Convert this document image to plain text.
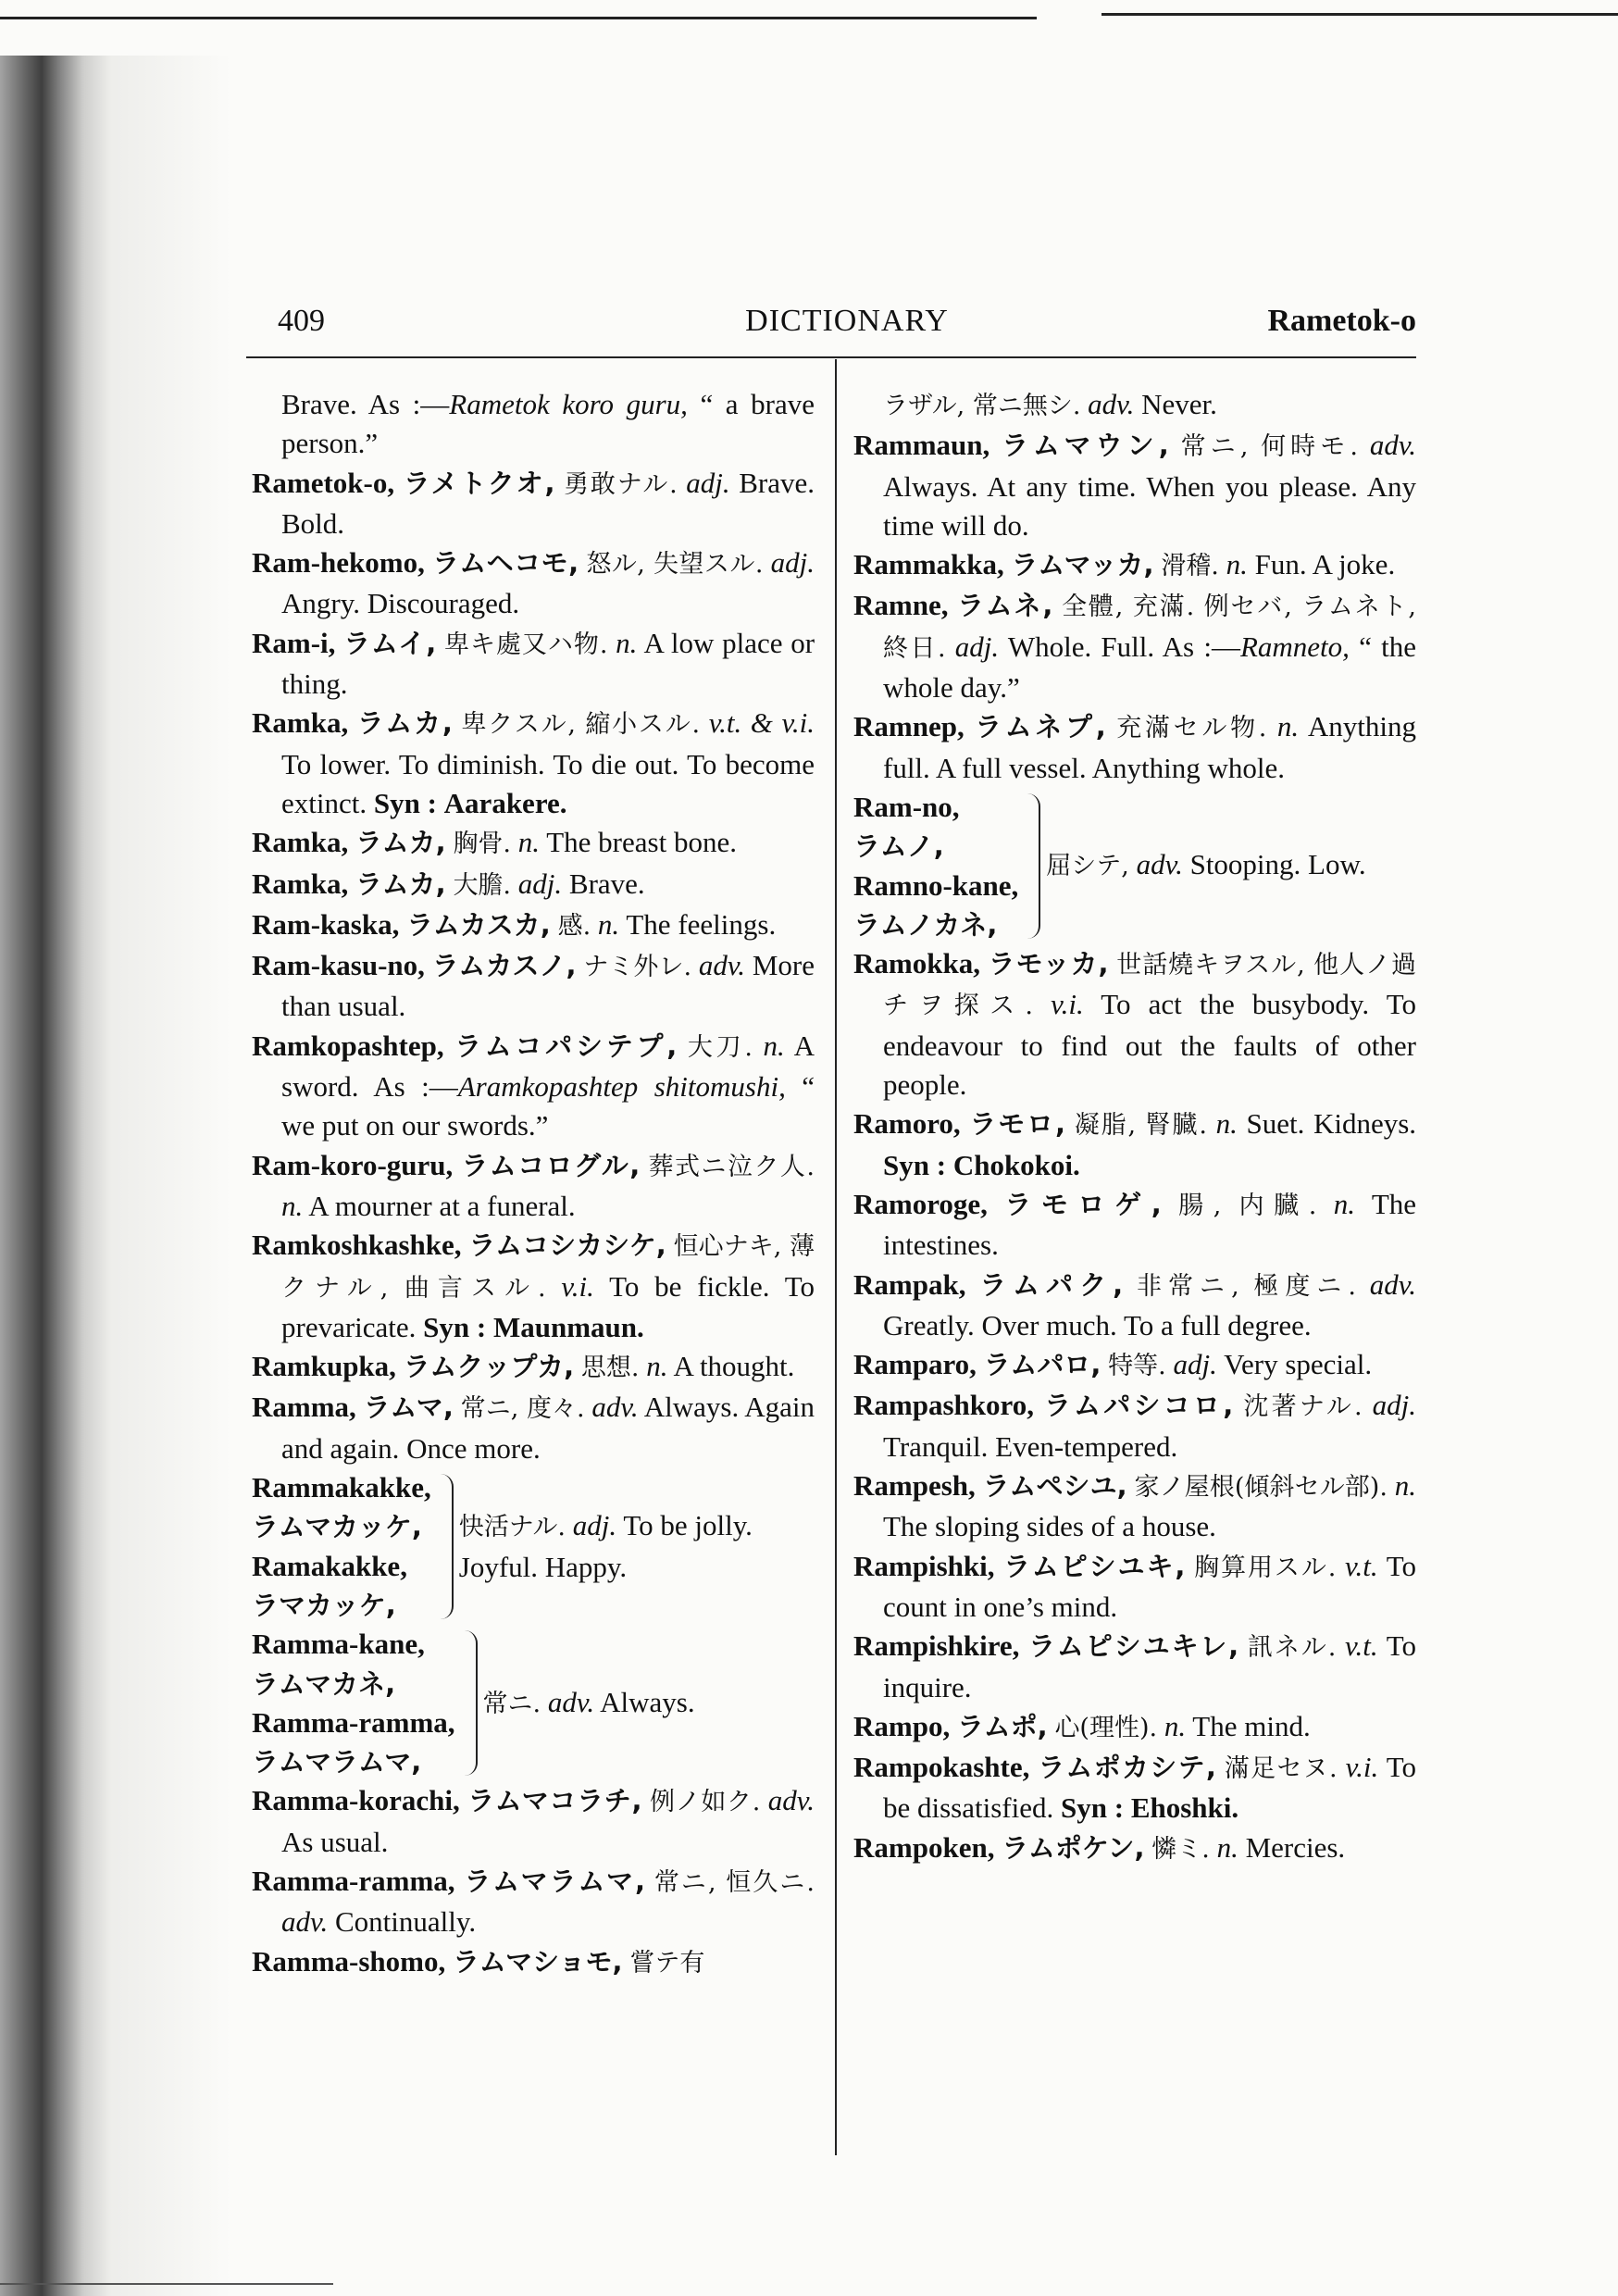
409	DICTIONARY	Rametok-o
Brave. As :—Rametok koro guru, “ a brave person.”
Rametok-o, ラメトクオ, 勇敢ナル. adj. Brave. Bold.
Ram-hekomo, ラムヘコモ, 怒ル, 失望スル. adj. Angry. Discouraged.
Ram-i, ラムイ, 卑キ處又ハ物. n. A low place or thing.
Ramka, ラムカ, 卑クスル, 縮小スル. v.t. & v.i. To lower. To diminish. To die out. To become extinct. Syn : Aarakere.
Ramka, ラムカ, 胸骨. n. The breast bone.
Ramka, ラムカ, 大膽. adj. Brave.
Ram-kaska, ラムカスカ, 感. n. The feelings.
Ram-kasu-no, ラムカスノ, ナミ外レ. adv. More than usual.
Ramkopashtep, ラムコパシテプ, 大刀. n. A sword. As :—Aramkopashtep shitomushi, “ we put on our swords.”
Ram-koro-guru, ラムコログル, 葬式ニ泣ク人. n. A mourner at a funeral.
Ramkoshkashke, ラムコシカシケ, 恒心ナキ, 薄クナル, 曲言スル. v.i. To be fickle. To prevaricate. Syn : Maunmaun.
Ramkupka, ラムクップカ, 思想. n. A thought.
Ramma, ラムマ, 常ニ, 度々. adv. Always. Again and again. Once more.
Rammakakke,
ラムマカッケ,
Ramakakke,
ラマカッケ,
快活ナル. adj. To be jolly. Joyful. Happy.
Ramma-kane,
ラムマカネ,
Ramma-ramma,
ラムマラムマ,
常ニ. adv. Always.
Ramma-korachi, ラムマコラチ, 例ノ如ク. adv. As usual.
Ramma-ramma, ラムマラムマ, 常ニ, 恒久ニ. adv. Continually.
Ramma-shomo, ラムマショモ, 嘗テ有
ラザル, 常ニ無シ. adv. Never.
Rammaun, ラムマウン, 常ニ, 何時モ. adv. Always. At any time. When you please. Any time will do.
Rammakka, ラムマッカ, 滑稽. n. Fun. A joke.
Ramne, ラムネ, 全體, 充滿. 例セバ, ラムネト, 終日. adj. Whole. Full. As :—Ramneto, “ the whole day.”
Ramnep, ラムネプ, 充滿セル物. n. Anything full. A full vessel. Anything whole.
Ram-no,
ラムノ,
Ramno-kane,
ラムノカネ,
屈シテ, adv. Stooping. Low.
Ramokka, ラモッカ, 世話燒キヲスル, 他人ノ過チヲ探ス. v.i. To act the busybody. To endeavour to find out the faults of other people.
Ramoro, ラモロ, 凝脂, 腎臓. n. Suet. Kidneys. Syn : Chokokoi.
Ramoroge, ラモロゲ, 腸, 内臓. n. The intestines.
Rampak, ラムパク, 非常ニ, 極度ニ. adv. Greatly. Over much. To a full degree.
Ramparo, ラムパロ, 特等. adj. Very special.
Rampashkoro, ラムパシコロ, 沈著ナル. adj. Tranquil. Even-tempered.
Rampesh, ラムペシユ, 家ノ屋根(傾斜セル部). n. The sloping sides of a house.
Rampishki, ラムピシユキ, 胸算用スル. v.t. To count in one’s mind.
Rampishkire, ラムピシユキレ, 訊ネル. v.t. To inquire.
Rampo, ラムポ, 心(理性). n. The mind.
Rampokashte, ラムポカシテ, 滿足セヌ. v.i. To be dissatisfied. Syn : Ehoshki.
Rampoken, ラムポケン, 憐ミ. n. Mercies.
